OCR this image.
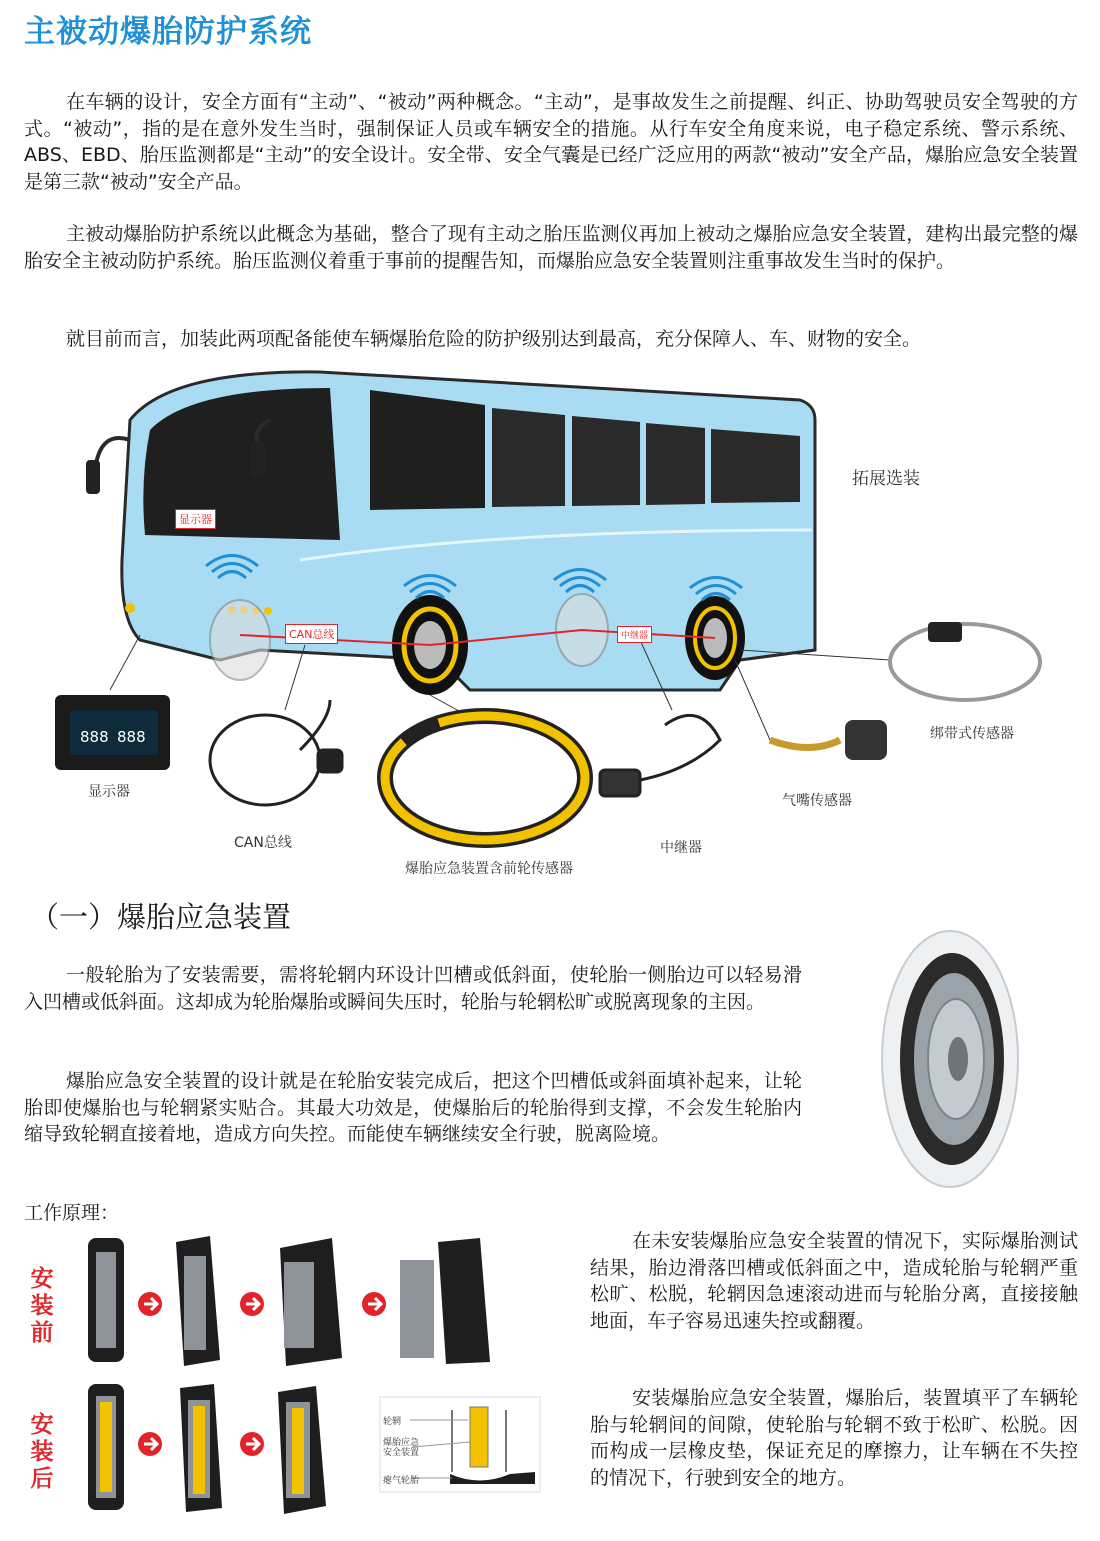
主被动爆胎防护系统

在车辆的设计，安全方面有“主动”、“被动”两种概念。“主动”，是事故发生之前提醒、纠正、协助驾驶员安全驾驶的方式。“被动”，指的是在意外发生当时，强制保证人员或车辆安全的措施。从行车安全角度来说，电子稳定系统、警示系统、ABS、EBD、胎压监测都是“主动”的安全设计。安全带、安全气囊是已经广泛应用的两款“被动”安全产品，爆胎应急安全装置是第三款“被动”安全产品。

主被动爆胎防护系统以此概念为基础，整合了现有主动之胎压监测仪再加上被动之爆胎应急安全装置，建构出最完整的爆胎安全主被动防护系统。胎压监测仪着重于事前的提醒告知，而爆胎应急安全装置则注重事故发生当时的保护。

就目前而言，加装此两项配备能使车辆爆胎危险的防护级别达到最高，充分保障人、车、财物的安全。

888 888
拓展选装
显示器
CAN总线	中继器
显示器
CAN总线
爆胎应急装置含前轮传感器
中继器
气嘴传感器
绑带式传感器
（一）爆胎应急装置

一般轮胎为了安装需要，需将轮辋内环设计凹槽或低斜面，使轮胎一侧胎边可以轻易滑入凹槽或低斜面。这却成为轮胎爆胎或瞬间失压时，轮胎与轮辋松旷或脱离现象的主因。

爆胎应急安全装置的设计就是在轮胎安装完成后，把这个凹槽低或斜面填补起来，让轮胎即使爆胎也与轮辋紧实贴合。其最大功效是，使爆胎后的轮胎得到支撑，不会发生轮胎内缩导致轮辋直接着地，造成方向失控。而能使车辆继续安全行驶，脱离险境。

工作原理：
安装前
安装后
轮辋
爆胎应急安全装置
瘪气轮胎

在未安装爆胎应急安全装置的情况下，实际爆胎测试结果，胎边滑落凹槽或低斜面之中，造成轮胎与轮辋严重松旷、松脱，轮辋因急速滚动进而与轮胎分离，直接接触地面，车子容易迅速失控或翻覆。

安装爆胎应急安全装置，爆胎后，装置填平了车辆轮胎与轮辋间的间隙，使轮胎与轮辋不致于松旷、松脱。因而构成一层橡皮垫，保证充足的摩擦力，让车辆在不失控的情况下，行驶到安全的地方。
